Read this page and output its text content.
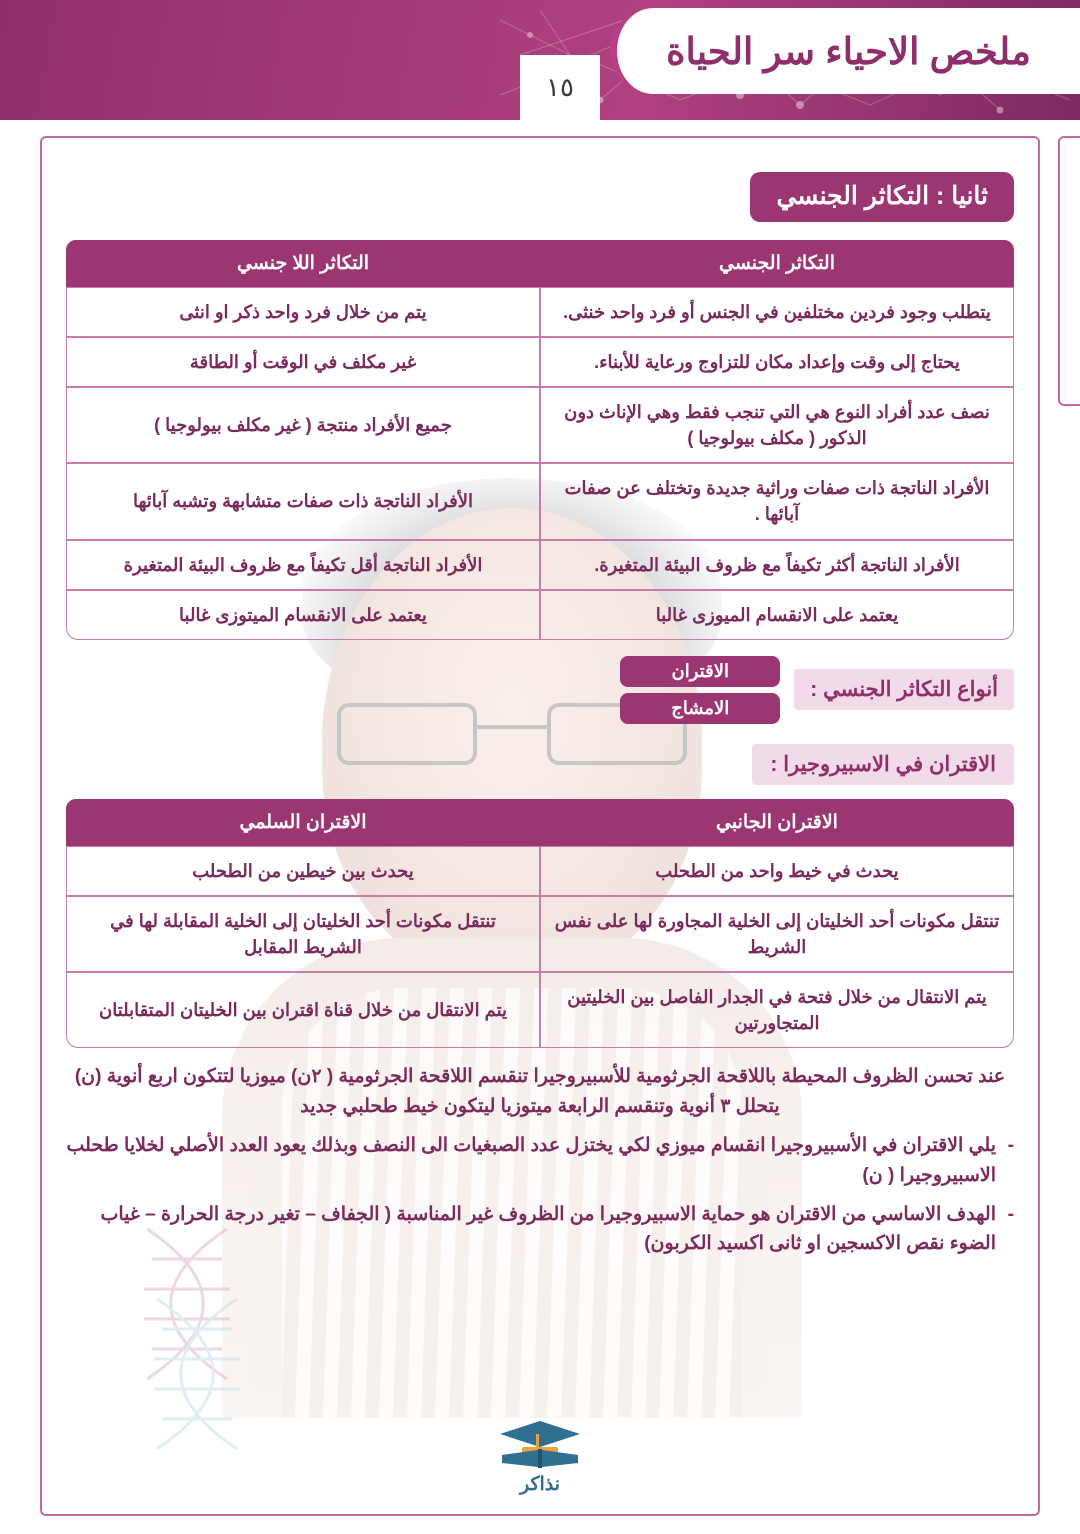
ملخص الاحياء سر الحياة
١٥
ثانيا : التكاثر الجنسي
التكاثر الجنسي	التكاثر اللا جنسي
يتطلب وجود فردين مختلفين في الجنس أو فرد واحد خنثى.	يتم من خلال فرد واحد ذكر او انثى
يحتاج إلى وقت وإعداد مكان للتزاوج ورعاية للأبناء.	غير مكلف في الوقت أو الطاقة
نصف عدد أفراد النوع هي التي تنجب فقط وهي الإناث دون الذكور ( مكلف بيولوجيا )	جميع الأفراد منتجة ( غير مكلف بيولوجيا )
الأفراد الناتجة ذات صفات وراثية جديدة وتختلف عن صفات آبائها .	الأفراد الناتجة ذات صفات متشابهة وتشبه آبائها
الأفراد الناتجة أكثر تكيفاً مع ظروف البيئة المتغيرة.	الأفراد الناتجة أقل تكيفاً مع ظروف البيئة المتغيرة
يعتمد على الانقسام الميوزى غالبا	يعتمد على الانقسام الميتوزى غالبا
أنواع التكاثر الجنسي :
الاقتران
الامشاج
الاقتران في الاسبيروجيرا :
الاقتران الجانبي	الاقتران السلمي
يحدث في خيط واحد من الطحلب	يحدث بين خيطين من الطحلب
تنتقل مكونات أحد الخليتان إلى الخلية المجاورة لها على نفس الشريط	تنتقل مكونات أحد الخليتان إلى الخلية المقابلة لها في الشريط المقابل
يتم الانتقال من خلال فتحة في الجدار الفاصل بين الخليتين المتجاورتين	يتم الانتقال من خلال قناة اقتران بين الخليتان المتقابلتان
عند تحسن الظروف المحيطة باللاقحة الجرثومية للأسبيروجيرا تنقسم اللاقحة الجرثومية ( ٢ن) ميوزيا لتتكون اربع أنوية (ن) يتحلل ٣ أنوية وتنقسم الرابعة ميتوزيا ليتكون خيط طحلبي جديد
-
يلي الاقتران في الأسبيروجيرا انقسام ميوزي لكي يختزل عدد الصبغيات الى النصف وبذلك يعود العدد الأصلي لخلايا طحلب الاسبيروجيرا ( ن)
-
الهدف الاساسي من الاقتران هو حماية الاسبيروجيرا من الظروف غير المناسبة ( الجفاف – تغير درجة الحرارة – غياب الضوء نقص الاكسجين او ثانى اكسيد الكربون)
نذاكر
